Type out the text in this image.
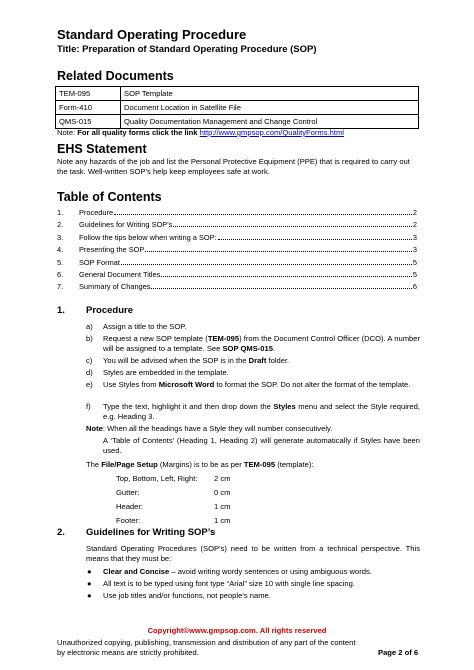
Standard Operating Procedure
Title: Preparation of Standard Operating Procedure (SOP)
Related Documents
TEM-095	SOP Template
Form-410	Document Location in Satellite File
QMS-015	Quality Documentation Management and Change Control
Note: For all quality forms click the link http://www.gmpsop.com/QualityForms.html
EHS Statement
Note any hazards of the job and list the Personal Protective Equipment (PPE) that is required to carry out the task. Well-written SOP’s help keep employees safe at work.
Table of Contents
1.	Procedure	2
2.	Guidelines for Writing SOP’s	2
3.	Follow the tips below when writing a SOP:	3
4.	Presenting the SOP	3
5.	SOP Format	5
6.	General Document Titles	5
7.	Summary of Changes	6
1. Procedure
a) Assign a title to the SOP.
b) Request a new SOP template (TEM-095) from the Document Control Officer (DCO). A number will be assigned to a template. See SOP QMS-015.
c) You will be advised when the SOP is in the Draft folder.
d) Styles are embedded in the template.
e) Use Styles from Microsoft Word to format the SOP. Do not alter the format of the template.
f) Type the text, highlight it and then drop down the Styles menu and select the Style required, e.g. Heading 3.
Note: When all the headings have a Style they will number consecutively.
A ‘Table of Contents’ (Heading 1, Heading 2) will generate automatically if Styles have been used.
The File/Page Setup (Margins) is to be as per TEM-095 (template):
Top, Bottom, Left, Right: 2 cm
Gutter:	0 cm
Header:	1 cm
Footer:	1 cm
2. Guidelines for Writing SOP’s
Standard Operating Procedures (SOP’s) need to be written from a technical perspective. This means that they must be:
● Clear and Concise – avoid writing wordy sentences or using ambiguous words.
● All text is to be typed using font type “Arial” size 10 with single line spacing.
● Use job titles and/or functions, not people’s name.
Copyright©www.gmpsop.com. All rights reserved
Unauthorized copying, publishing, transmission and distribution of any part of the content by electronic means are strictly prohibited.	Page 2 of 6
